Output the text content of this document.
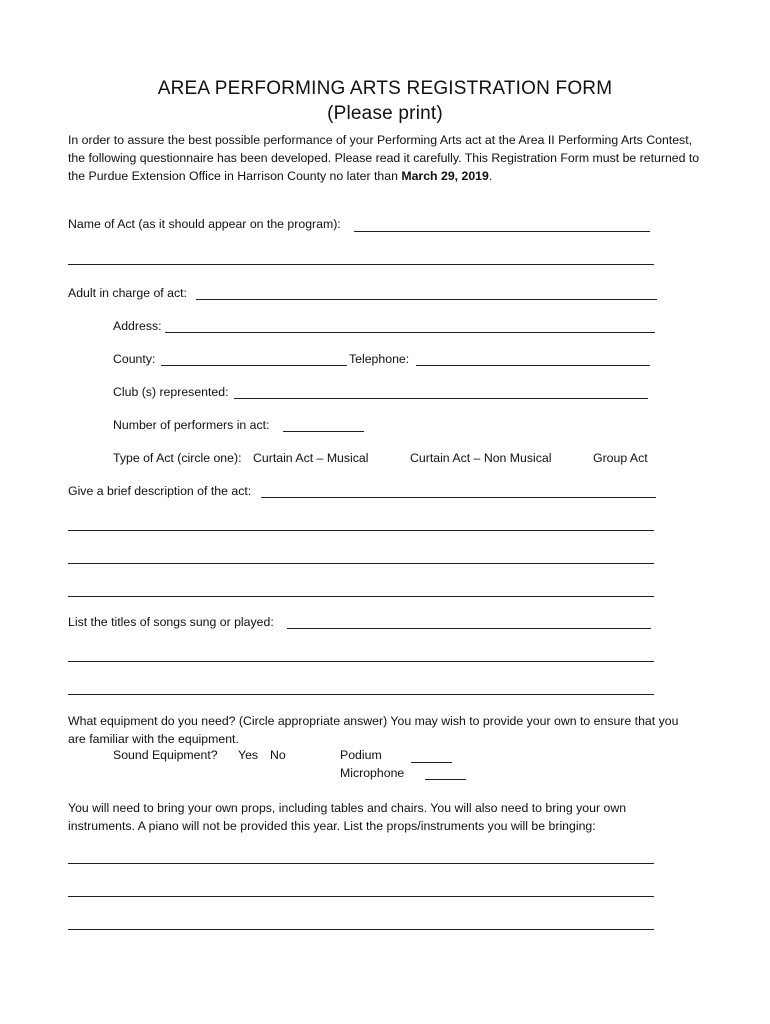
AREA PERFORMING ARTS REGISTRATION FORM
(Please print)
In order to assure the best possible performance of your Performing Arts act at the Area II Performing Arts Contest, the following questionnaire has been developed. Please read it carefully. This Registration Form must be returned to the Purdue Extension Office in Harrison County no later than March 29, 2019.
Name of Act (as it should appear on the program):
Adult in charge of act:
Address:
County:	Telephone:
Club (s) represented:
Number of performers in act:
Type of Act (circle one): Curtain Act – Musical	Curtain Act – Non Musical	Group Act
Give a brief description of the act:
List the titles of songs sung or played:
What equipment do you need? (Circle appropriate answer) You may wish to provide your own to ensure that you are familiar with the equipment.
Sound Equipment? Yes No	Podium
Microphone
You will need to bring your own props, including tables and chairs. You will also need to bring your own instruments. A piano will not be provided this year. List the props/instruments you will be bringing:
